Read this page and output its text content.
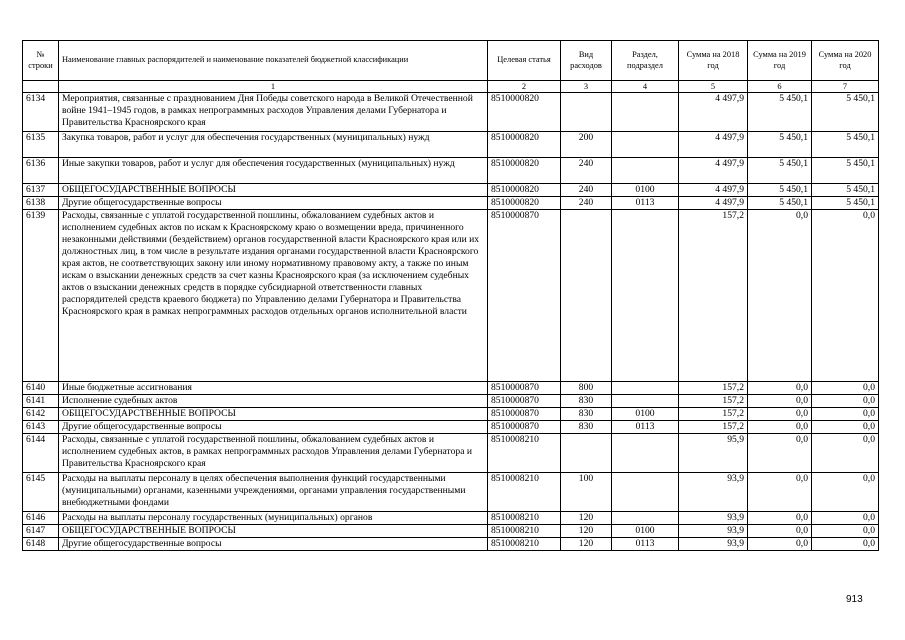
№ строки	Наименование главных распорядителей и наименование показателей бюджетной классификации	Целевая статья	Вид расходов	Раздел, подраздел	Сумма на 2018 год	Сумма на 2019 год	Сумма на 2020 год
	1	2	3	4	5	6	7
6134	Мероприятия, связанные с празднованием Дня Победы советского народа в Великой Отечественной войне 1941–1945 годов, в рамках непрограммных расходов Управления делами Губернатора и Правительства Красноярского края	8510000820			4 497,9	5 450,1	5 450,1
6135	Закупка товаров, работ и услуг для обеспечения государственных (муниципальных) нужд	8510000820	200		4 497,9	5 450,1	5 450,1
6136	Иные закупки товаров, работ и услуг для обеспечения государственных (муниципальных) нужд	8510000820	240		4 497,9	5 450,1	5 450,1
6137	ОБЩЕГОСУДАРСТВЕННЫЕ ВОПРОСЫ	8510000820	240	0100	4 497,9	5 450,1	5 450,1
6138	Другие общегосударственные вопросы	8510000820	240	0113	4 497,9	5 450,1	5 450,1
6139	Расходы, связанные с уплатой государственной пошлины, обжалованием судебных актов и исполнением судебных актов по искам к Красноярскому краю о возмещении вреда, причиненного незаконными действиями (бездействием) органов государственной власти Красноярского края или их должностных лиц, в том числе в результате издания органами государственной власти Красноярского края актов, не соответствующих закону или иному нормативному правовому акту, а также по иным искам о взыскании денежных средств за счет казны Красноярского края (за исключением судебных актов о взыскании денежных средств в порядке субсидиарной ответственности главных распорядителей средств краевого бюджета) по Управлению делами Губернатора и Правительства Красноярского края в рамках непрограммных расходов отдельных органов исполнительной власти	8510000870			157,2	0,0	0,0
6140	Иные бюджетные ассигнования	8510000870	800		157,2	0,0	0,0
6141	Исполнение судебных актов	8510000870	830		157,2	0,0	0,0
6142	ОБЩЕГОСУДАРСТВЕННЫЕ ВОПРОСЫ	8510000870	830	0100	157,2	0,0	0,0
6143	Другие общегосударственные вопросы	8510000870	830	0113	157,2	0,0	0,0
6144	Расходы, связанные с уплатой государственной пошлины, обжалованием судебных актов и исполнением судебных актов, в рамках непрограммных расходов Управления делами Губернатора и Правительства Красноярского края	8510008210			95,9	0,0	0,0
6145	Расходы на выплаты персоналу в целях обеспечения выполнения функций государственными (муниципальными) органами, казенными учреждениями, органами управления государственными внебюджетными фондами	8510008210	100		93,9	0,0	0,0
6146	Расходы на выплаты персоналу государственных (муниципальных) органов	8510008210	120		93,9	0,0	0,0
6147	ОБЩЕГОСУДАРСТВЕННЫЕ ВОПРОСЫ	8510008210	120	0100	93,9	0,0	0,0
6148	Другие общегосударственные вопросы	8510008210	120	0113	93,9	0,0	0,0
913
